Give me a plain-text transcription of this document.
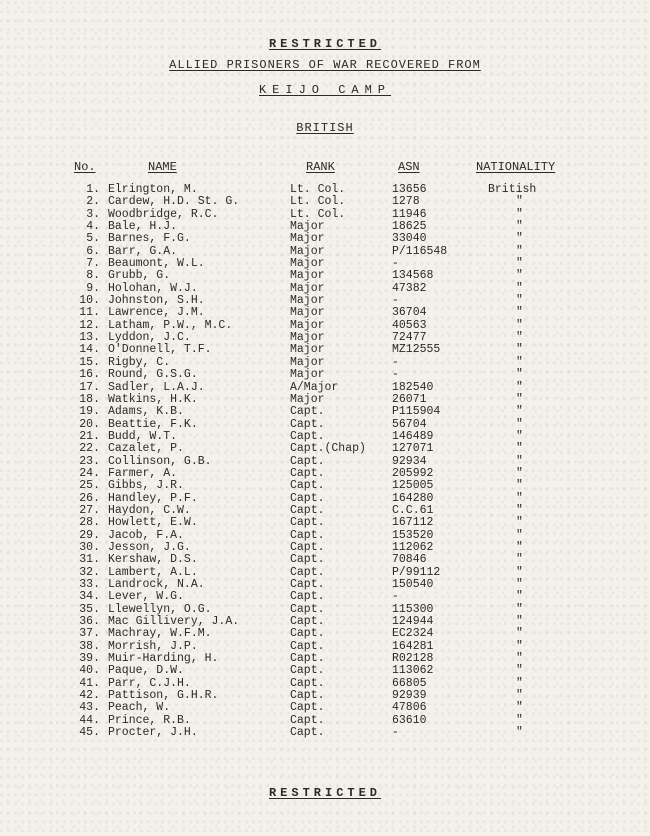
RESTRICTED
ALLIED PRISONERS OF WAR RECOVERED FROM
KEIJO CAMP
BRITISH
No.	NAME	RANK	ASN	NATIONALITY
1. Elrington, M.	Lt. Col.	13656	British
2. Cardew, H.D. St. G.	Lt. Col.	1278	"
3. Woodbridge, R.C.	Lt. Col.	11946	"
4. Bale, H.J.	Major	18625	"
5. Barnes, F.G.	Major	33040	"
6. Barr, G.A.	Major	P/116548	"
7. Beaumont, W.L.	Major	-	"
8. Grubb, G.	Major	134568	"
9. Holohan, W.J.	Major	47382	"
10. Johnston, S.H.	Major	-	"
11. Lawrence, J.M.	Major	36704	"
12. Latham, P.W., M.C.	Major	40563	"
13. Lyddon, J.C.	Major	72477	"
14. O'Donnell, T.F.	Major	MZ12555	"
15. Rigby, C.	Major	-	"
16. Round, G.S.G.	Major	-	"
17. Sadler, L.A.J.	A/Major	182540	"
18. Watkins, H.K.	Major	26071	"
19. Adams, K.B.	Capt.	P115904	"
20. Beattie, F.K.	Capt.	56704	"
21. Budd, W.T.	Capt.	146489	"
22. Cazalet, P.	Capt.(Chap) 127071	"
23. Collinson, G.B.	Capt.	92934	"
24. Farmer, A.	Capt.	205992	"
25. Gibbs, J.R.	Capt.	125005	"
26. Handley, P.F.	Capt.	164280	"
27. Haydon, C.W.	Capt.	C.C.61	"
28. Howlett, E.W.	Capt.	167112	"
29. Jacob, F.A.	Capt.	153520	"
30. Jesson, J.G.	Capt.	112062	"
31. Kershaw, D.S.	Capt.	70846	"
32. Lambert, A.L.	Capt.	P/99112	"
33. Landrock, N.A.	Capt.	150540	"
34. Lever, W.G.	Capt.	-	"
35. Llewellyn, O.G.	Capt.	115300	"
36. Mac Gillivery, J.A.	Capt.	124944	"
37. Machray, W.F.M.	Capt.	EC2324	"
38. Morrish, J.P.	Capt.	164281	"
39. Muir-Harding, H.	Capt.	R02128	"
40. Paque, D.W.	Capt.	113062	"
41. Parr, C.J.H.	Capt.	66805	"
42. Pattison, G.H.R.	Capt.	92939	"
43. Peach, W.	Capt.	47806	"
44. Prince, R.B.	Capt.	63610	"
45. Procter, J.H.	Capt.	-	"
RESTRICTED
